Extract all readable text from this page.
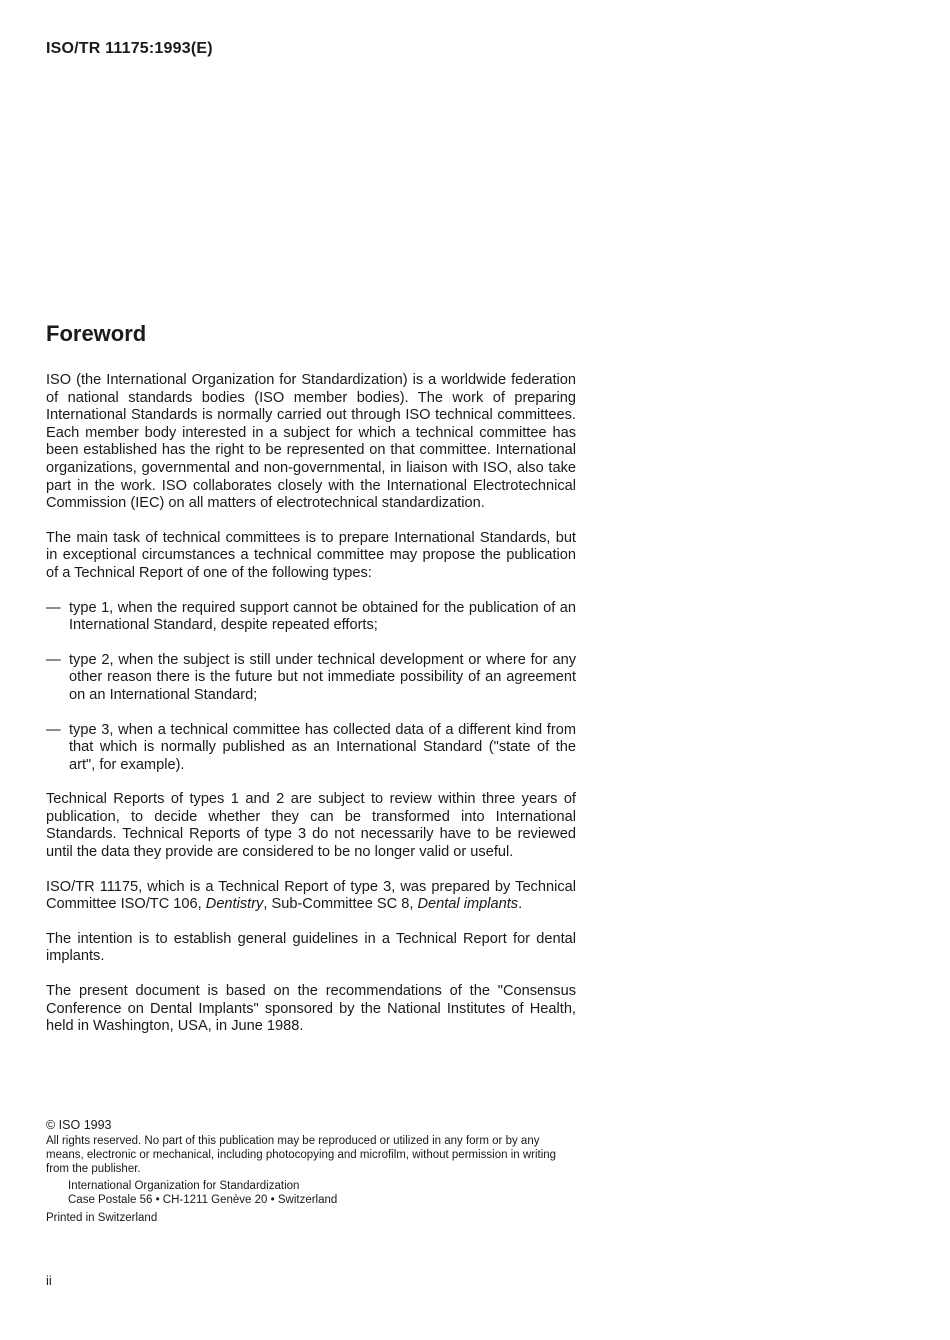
ISO/TR 11175:1993(E)
Foreword

ISO (the International Organization for Standardization) is a worldwide federation of national standards bodies (ISO member bodies). The work of preparing International Standards is normally carried out through ISO technical committees. Each member body interested in a subject for which a technical committee has been established has the right to be represented on that committee. International organizations, governmental and non-governmental, in liaison with ISO, also take part in the work. ISO collaborates closely with the International Electrotechnical Commission (IEC) on all matters of electrotechnical standardization.

The main task of technical committees is to prepare International Standards, but in exceptional circumstances a technical committee may propose the publication of a Technical Report of one of the following types:

— type 1, when the required support cannot be obtained for the publication of an International Standard, despite repeated efforts;
— type 2, when the subject is still under technical development or where for any other reason there is the future but not immediate possibility of an agreement on an International Standard;
— type 3, when a technical committee has collected data of a different kind from that which is normally published as an International Standard ("state of the art", for example).

Technical Reports of types 1 and 2 are subject to review within three years of publication, to decide whether they can be transformed into International Standards. Technical Reports of type 3 do not necessarily have to be reviewed until the data they provide are considered to be no longer valid or useful.

ISO/TR 11175, which is a Technical Report of type 3, was prepared by Technical Committee ISO/TC 106, Dentistry, Sub-Committee SC 8, Dental implants.

The intention is to establish general guidelines in a Technical Report for dental implants.

The present document is based on the recommendations of the "Consensus Conference on Dental Implants" sponsored by the National Institutes of Health, held in Washington, USA, in June 1988.

© ISO 1993
All rights reserved. No part of this publication may be reproduced or utilized in any form or by any means, electronic or mechanical, including photocopying and microfilm, without permission in writing from the publisher.
International Organization for Standardization
Case Postale 56 • CH-1211 Genève 20 • Switzerland
Printed in Switzerland
ii
